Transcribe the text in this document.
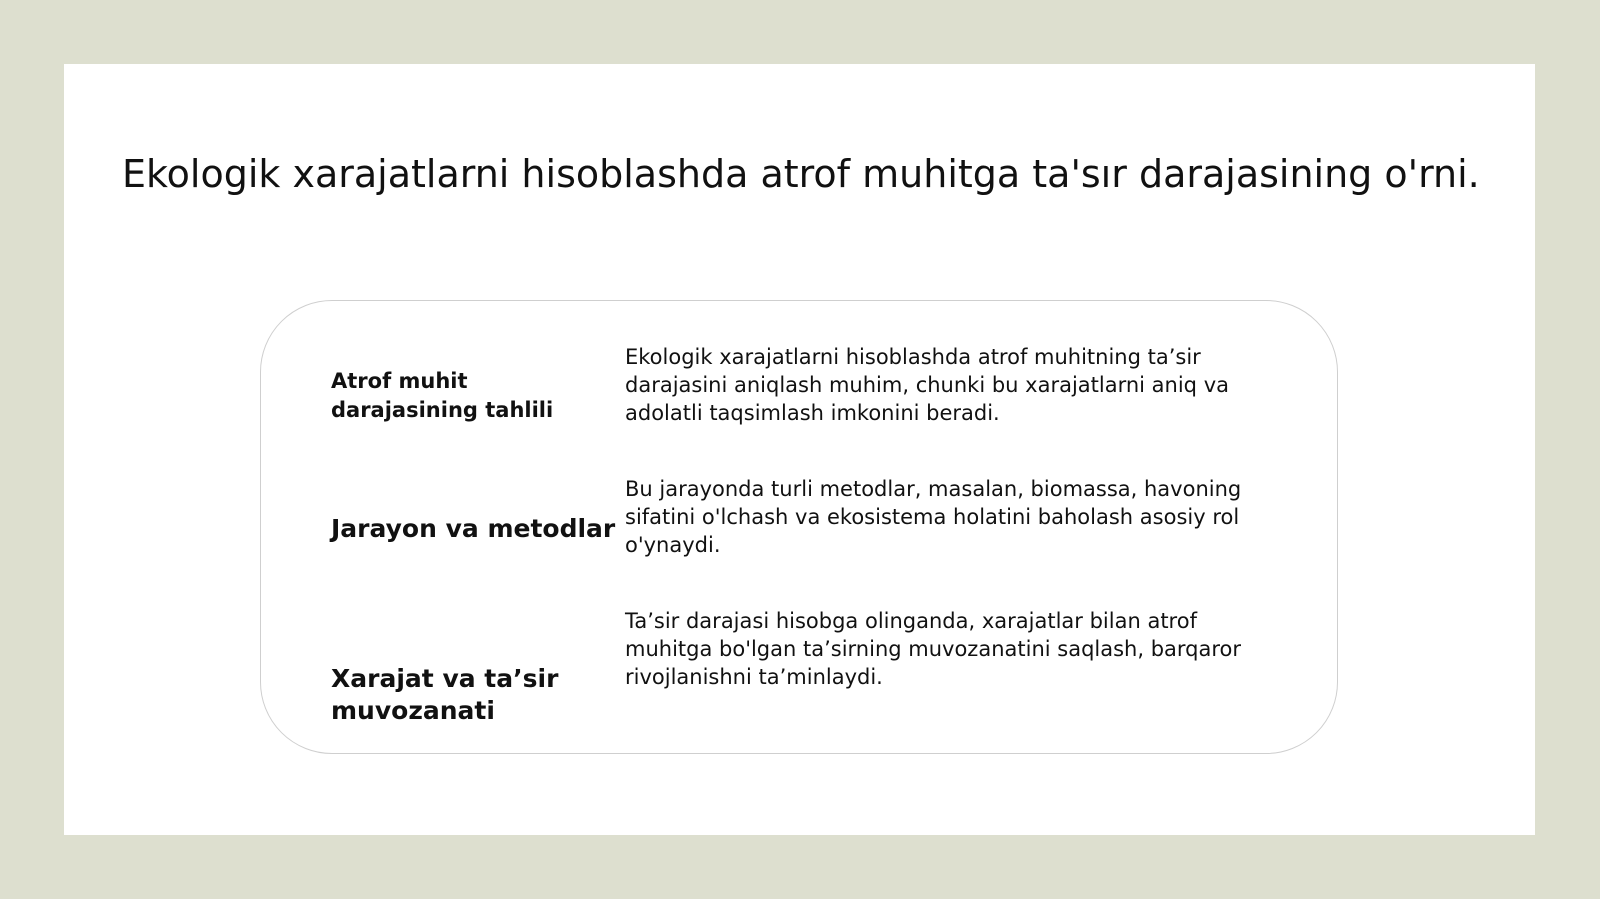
Ekologik xarajatlarni hisoblashda atrof muhitga ta'sır darajasining o'rni.
Atrof muhit darajasining tahlili
Ekologik xarajatlarni hisoblashda atrof muhitning ta’sir darajasini aniqlash muhim, chunki bu xarajatlarni aniq va adolatli taqsimlash imkonini beradi.
Jarayon va metodlar
Bu jarayonda turli metodlar, masalan, biomassa, havoning sifatini o'lchash va ekosistema holatini baholash asosiy rol o'ynaydi.
Xarajat va ta’sir muvozanati
Ta’sir darajasi hisobga olinganda, xarajatlar bilan atrof muhitga bo'lgan ta’sirning muvozanatini saqlash, barqaror rivojlanishni ta’minlaydi.
